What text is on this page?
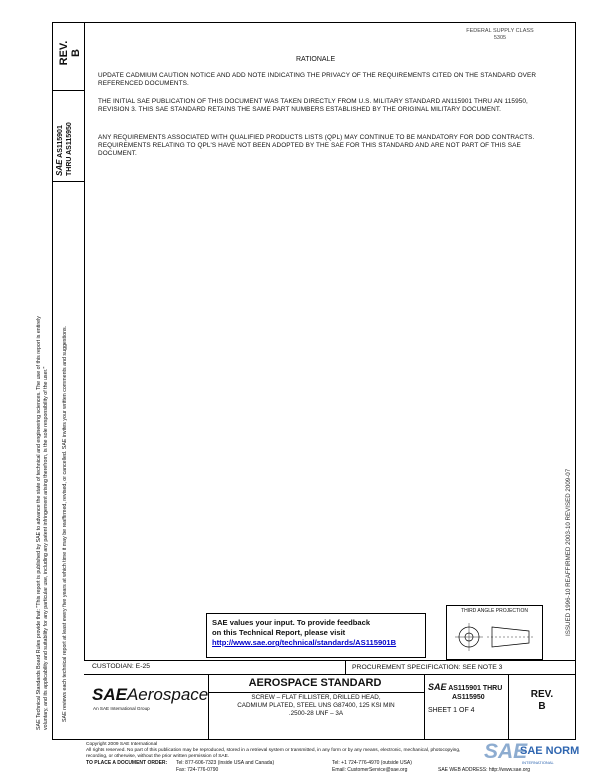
FEDERAL SUPPLY CLASS
5305
REV. B
SAE AS115901 THRU AS115950
SAE Technical Standards Board Rules provide that: "This report is published by SAE to advance the state of technical and engineering sciences. The use of this report is entirely voluntary, and its applicability and suitability for any particular use, including any patent infringement arising therefrom, is the sole responsibility of the user."	SAE reviews each technical report at least every five years at which time it may be reaffirmed, revised, or cancelled. SAE invites your written comments and suggestions.	ISSUED 1996-10 REAFFIRMED 2003-10 REVISED 2009-07
RATIONALE
UPDATE CADMIUM CAUTION NOTICE AND ADD NOTE INDICATING THE PRIVACY OF THE REQUIREMENTS CITED ON THE STANDARD OVER REFERENCED DOCUMENTS.
THE INITIAL SAE PUBLICATION OF THIS DOCUMENT WAS TAKEN DIRECTLY FROM U.S. MILITARY STANDARD AN115901 THRU AN 115950, REVISION 3. THIS SAE STANDARD RETAINS THE SAME PART NUMBERS ESTABLISHED BY THE ORIGINAL MILITARY DOCUMENT.
ANY REQUIREMENTS ASSOCIATED WITH QUALIFIED PRODUCTS LISTS (QPL) MAY CONTINUE TO BE MANDATORY FOR DOD CONTRACTS. REQUIREMENTS RELATING TO QPL'S HAVE NOT BEEN ADOPTED BY THE SAE FOR THIS STANDARD AND ARE NOT PART OF THIS SAE DOCUMENT.
SAE values your input. To provide feedback
on this Technical Report, please visit
http://www.sae.org/technical/standards/AS115901B
THIRD ANGLE PROJECTION
CUSTODIAN: E-25	PROCUREMENT SPECIFICATION: SEE NOTE 3
SAEAerospace
An SAE International Group
AEROSPACE STANDARD
SCREW – FLAT FILLISTER, DRILLED HEAD,
CADMIUM PLATED, STEEL UNS G87400, 125 KSI MIN
.2500-28 UNF – 3A
SAE AS115901 THRU
AS115950
SHEET 1 OF 4
REV.
B
Copyright 2009 SAE International
All rights reserved. No part of this publication may be reproduced, stored in a retrieval system or transmitted, in any form or by any means, electronic, mechanical, photocopying,
recording, or otherwise, without the prior written permission of SAE.
TO PLACE A DOCUMENT ORDER: Tel: 877-606-7323 (inside USA and Canada)
Fax: 724-776-0790
Tel: +1 724-776-4970 (outside USA)
Email: CustomerService@sae.org	SAE WEB ADDRESS: http://www.sae.org
SAE
SAE NORM
INTERNATIONAL
